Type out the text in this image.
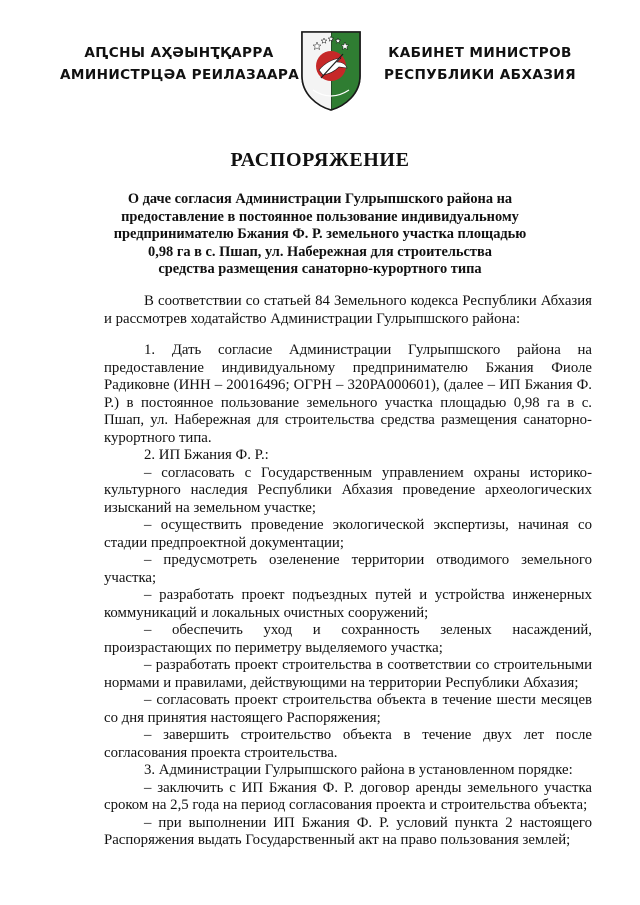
АԤСНЫ АҲӘЫНҬҚАРРА
АМИНИСТРЦӘА РЕИЛАЗААРА
КАБИНЕТ МИНИСТРОВ
РЕСПУБЛИКИ АБХАЗИЯ
РАСПОРЯЖЕНИЕ
О даче согласия Администрации Гулрыпшского района на
предоставление в постоянное пользование индивидуальному
предпринимателю Бжания Ф. Р. земельного участка площадью
0,98 га в с. Пшап, ул. Набережная для строительства
средства размещения санаторно-курортного типа

В соответствии со статьей 84 Земельного кодекса Республики Абхазия и рассмотрев ходатайство Администрации Гулрыпшского района:

1. Дать согласие Администрации Гулрыпшского района на предоставление индивидуальному предпринимателю Бжания Фиоле Радиковне (ИНН – 20016496; ОГРН – 320РА000601), (далее – ИП Бжания Ф. Р.) в постоянное пользование земельного участка площадью 0,98 га в с. Пшап, ул. Набережная для строительства средства размещения санаторно-курортного типа.

2. ИП Бжания Ф. Р.:

– согласовать с Государственным управлением охраны историко-культурного наследия Республики Абхазия проведение археологических изысканий на земельном участке;

– осуществить проведение экологической экспертизы, начиная со стадии предпроектной документации;

– предусмотреть озеленение территории отводимого земельного участка;

– разработать проект подъездных путей и устройства инженерных коммуникаций и локальных очистных сооружений;

– обеспечить уход и сохранность зеленых насаждений, произрастающих по периметру выделяемого участка;

– разработать проект строительства в соответствии со строительными нормами и правилами, действующими на территории Республики Абхазия;

– согласовать проект строительства объекта в течение шести месяцев со дня принятия настоящего Распоряжения;

– завершить строительство объекта в течение двух лет после согласования проекта строительства.

3. Администрации Гулрыпшского района в установленном порядке:

– заключить с ИП Бжания Ф. Р. договор аренды земельного участка сроком на 2,5 года на период согласования проекта и строительства объекта;

– при выполнении ИП Бжания Ф. Р. условий пункта 2 настоящего Распоряжения выдать Государственный акт на право пользования землей;
